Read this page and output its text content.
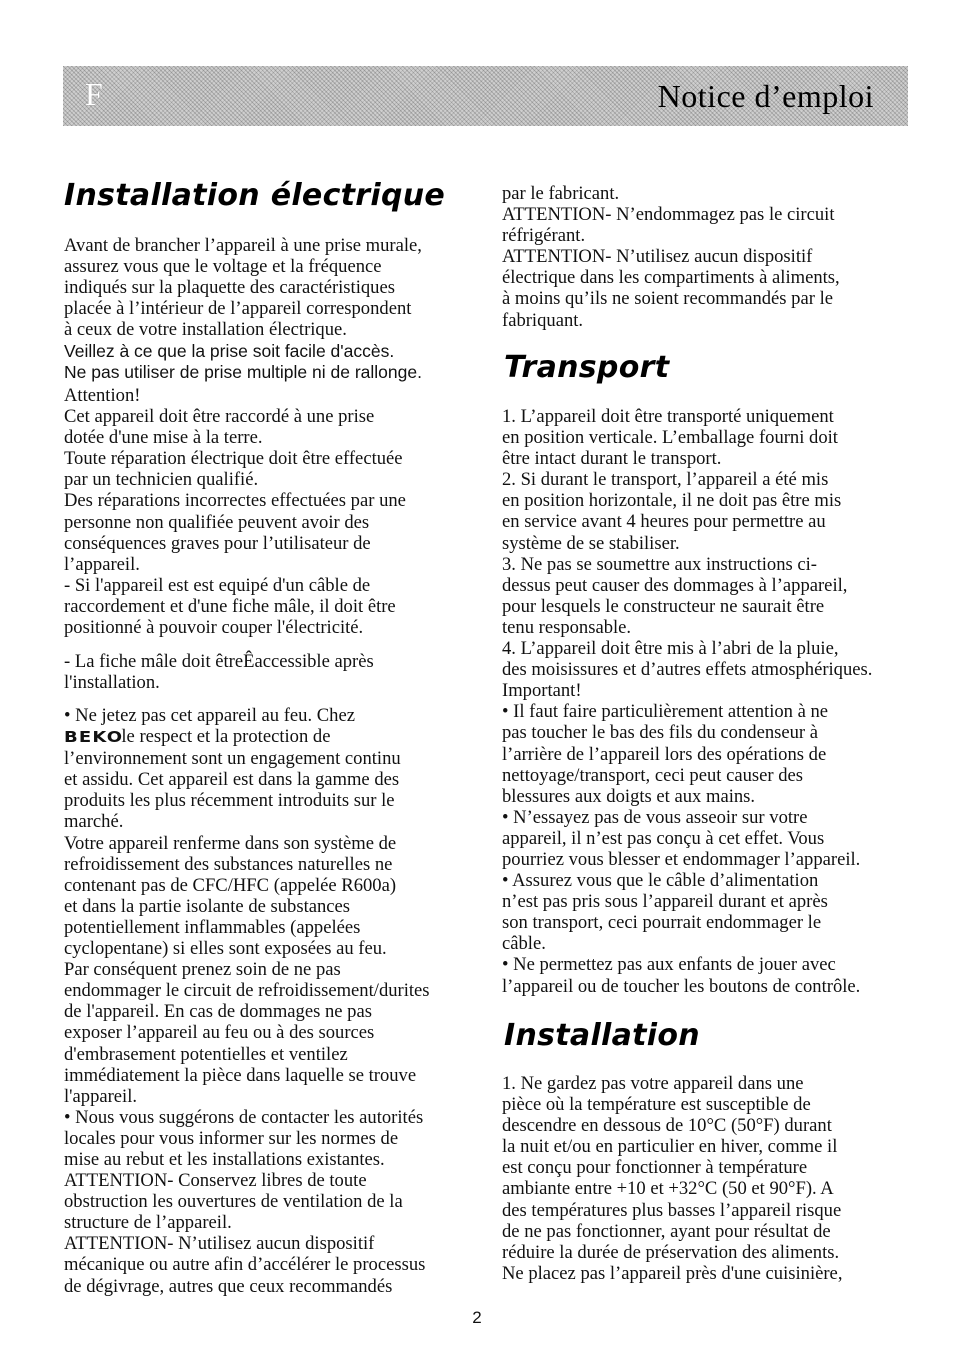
F	Notice d’emploi
Installation électrique

Avant de brancher l’appareil à une prise murale,
assurez vous que le voltage et la fréquence
indiqués sur la plaquette des caractéristiques
placée à l’intérieur de l’appareil correspondent
à ceux de votre installation électrique.

Veillez à ce que la prise soit facile d'accès.
Ne pas utiliser de prise multiple ni de rallonge.

Attention!
Cet appareil doit être raccordé à une prise
dotée d'une mise à la terre.
Toute réparation électrique doit être effectuée
par un technicien qualifié.
Des réparations incorrectes effectuées par une
personne non qualifiée peuvent avoir des
conséquences graves pour l’utilisateur de
l’appareil.
- Si l'appareil est est equipé d'un câble de
raccordement et d'une fiche mâle, il doit être
positionné à pouvoir couper l'électricité.

- La fiche mâle doit êtreÊaccessible après
l'installation.

• Ne jetez pas cet appareil au feu. Chez
BEKOle respect et la protection de
l’environnement sont un engagement continu
et assidu. Cet appareil est dans la gamme des
produits les plus récemment introduits sur le
marché.
Votre appareil renferme dans son système de
refroidissement des substances naturelles ne
contenant pas de CFC/HFC (appelée R600a)
et dans la partie isolante de substances
potentiellement inflammables (appelées
cyclopentane) si elles sont exposées au feu.
Par conséquent prenez soin de ne pas
endommager le circuit de refroidissement/durites
de l'appareil. En cas de dommages ne pas
exposer l’appareil au feu ou à des sources
d'embrasement potentielles et ventilez
immédiatement la pièce dans laquelle se trouve
l'appareil.
• Nous vous suggérons de contacter les autorités
locales pour vous informer sur les normes de
mise au rebut et les installations existantes.
ATTENTION- Conservez libres de toute
obstruction les ouvertures de ventilation de la
structure de l’appareil.
ATTENTION- N’utilisez aucun dispositif
mécanique ou autre afin d’accélérer le processus
de dégivrage, autres que ceux recommandés

par le fabricant.
ATTENTION- N’endommagez pas le circuit
réfrigérant.
ATTENTION- N’utilisez aucun dispositif
électrique dans les compartiments à aliments,
à moins qu’ils ne soient recommandés par le
fabriquant.

Transport

1. L’appareil doit être transporté uniquement
en position verticale. L’emballage fourni doit
être intact durant le transport.
2. Si durant le transport, l’appareil a été mis
en position horizontale, il ne doit pas être mis
en service avant 4 heures pour permettre au
système de se stabiliser.
3. Ne pas se soumettre aux instructions ci-
dessus peut causer des dommages à l’appareil,
pour lesquels le constructeur ne saurait être
tenu responsable.
4. L’appareil doit être mis à l’abri de la pluie,
des moisissures et d’autres effets atmosphériques.
Important!
• Il faut faire particulièrement attention à ne
pas toucher le bas des fils du condenseur à
l’arrière de l’appareil lors des opérations de
nettoyage/transport, ceci peut causer des
blessures aux doigts et aux mains.
• N’essayez pas de vous asseoir sur votre
appareil, il n’est pas conçu à cet effet. Vous
pourriez vous blesser et endommager l’appareil.
• Assurez vous que le câble d’alimentation
n’est pas pris sous l’appareil durant et après
son transport, ceci pourrait endommager le
câble.
• Ne permettez pas aux enfants de jouer avec
l’appareil ou de toucher les boutons de contrôle.

Installation

1. Ne gardez pas votre appareil dans une
pièce où la température est susceptible de
descendre en dessous de 10°C (50°F) durant
la nuit et/ou en particulier en hiver, comme il
est conçu pour fonctionner à température
ambiante entre +10 et +32°C (50 et 90°F). A
des températures plus basses l’appareil risque
de ne pas fonctionner, ayant pour résultat de
réduire la durée de préservation des aliments.
Ne placez pas l’appareil près d'une cuisinière,

2
